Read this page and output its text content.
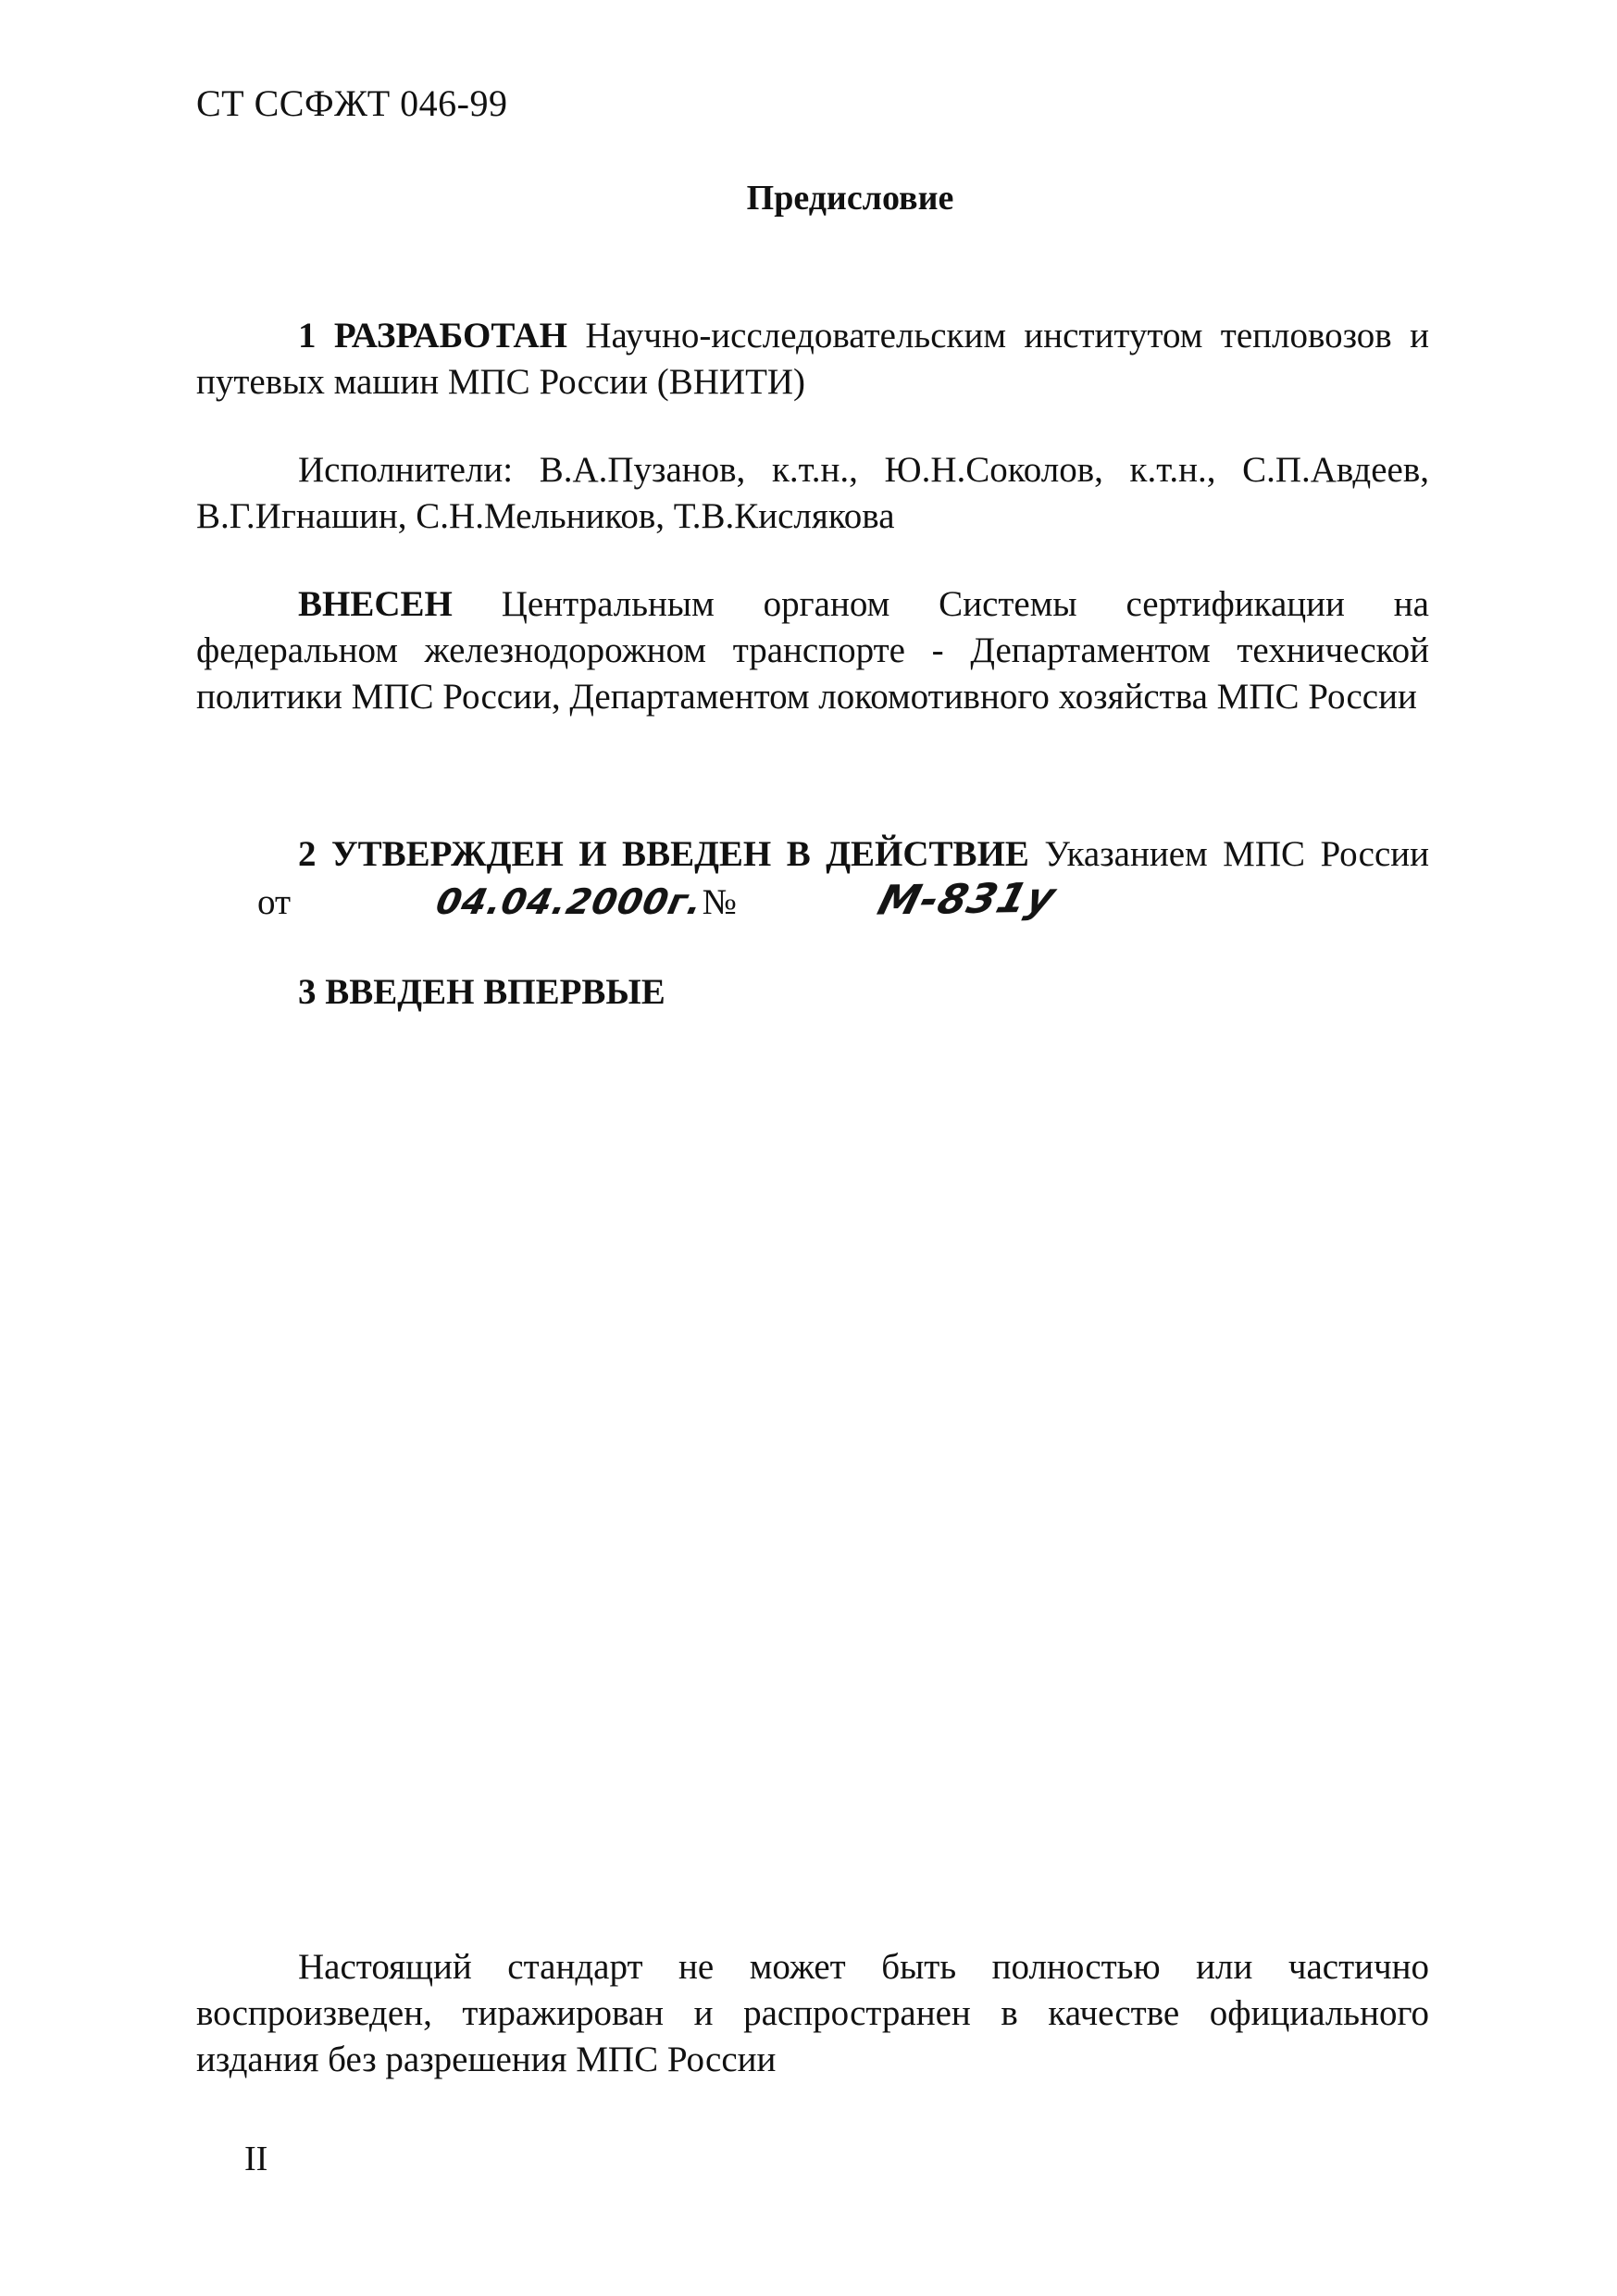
СТ ССФЖТ 046-99
Предисловие
1 РАЗРАБОТАН Научно-исследовательским институтом тепловозов и путевых машин МПС России (ВНИТИ)
Исполнители: В.А.Пузанов, к.т.н., Ю.Н.Соколов, к.т.н., С.П.Авдеев, В.Г.Игнашин, С.Н.Мельников, Т.В.Кислякова
ВНЕСЕН Центральным органом Системы сертификации на федеральном железнодорожном транспорте - Департаментом технической политики МПС России, Департаментом локомотивного хозяйства МПС России
2 УТВЕРЖДЕН И ВВЕДЕН В ДЕЙСТВИЕ Указанием МПС России от	04.04.2000г.№	М-831у
3 ВВЕДЕН ВПЕРВЫЕ
Настоящий стандарт не может быть полностью или частично воспроизведен, тиражирован и распространен в качестве официального издания без разрешения МПС России
II
